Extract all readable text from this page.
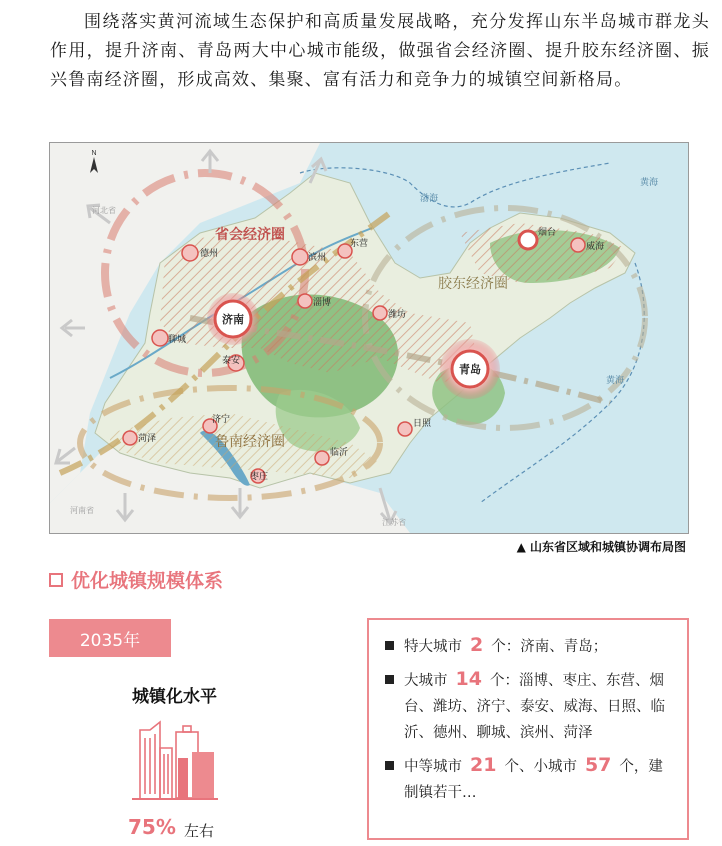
围绕落实黄河流域生态保护和高质量发展战略，充分发挥山东半岛城市群龙头作用，提升济南、青岛两大中心城市能级，做强省会经济圈、提升胶东经济圈、振兴鲁南经济圈，形成高效、集聚、富有活力和竞争力的城镇空间新格局。

N
渤海
黄海
黄海
河北省
河南省
江苏省
省会经济圈
胶东经济圈
鲁南经济圈
德州	滨州
东营
淄博
潍坊
烟台
威海
聊城
泰安
菏泽
济宁
枣庄
临沂
日照
济南
青岛
▲ 山东省区域和城镇协调布局图
优化城镇规模体系
2035年
城镇化水平
75% 左右
特大城市 2 个：济南、青岛；
大城市 14 个：淄博、枣庄、东营、烟台、潍坊、济宁、泰安、威海、日照、临沂、德州、聊城、滨州、菏泽
中等城市 21 个、小城市 57 个，建制镇若干…
